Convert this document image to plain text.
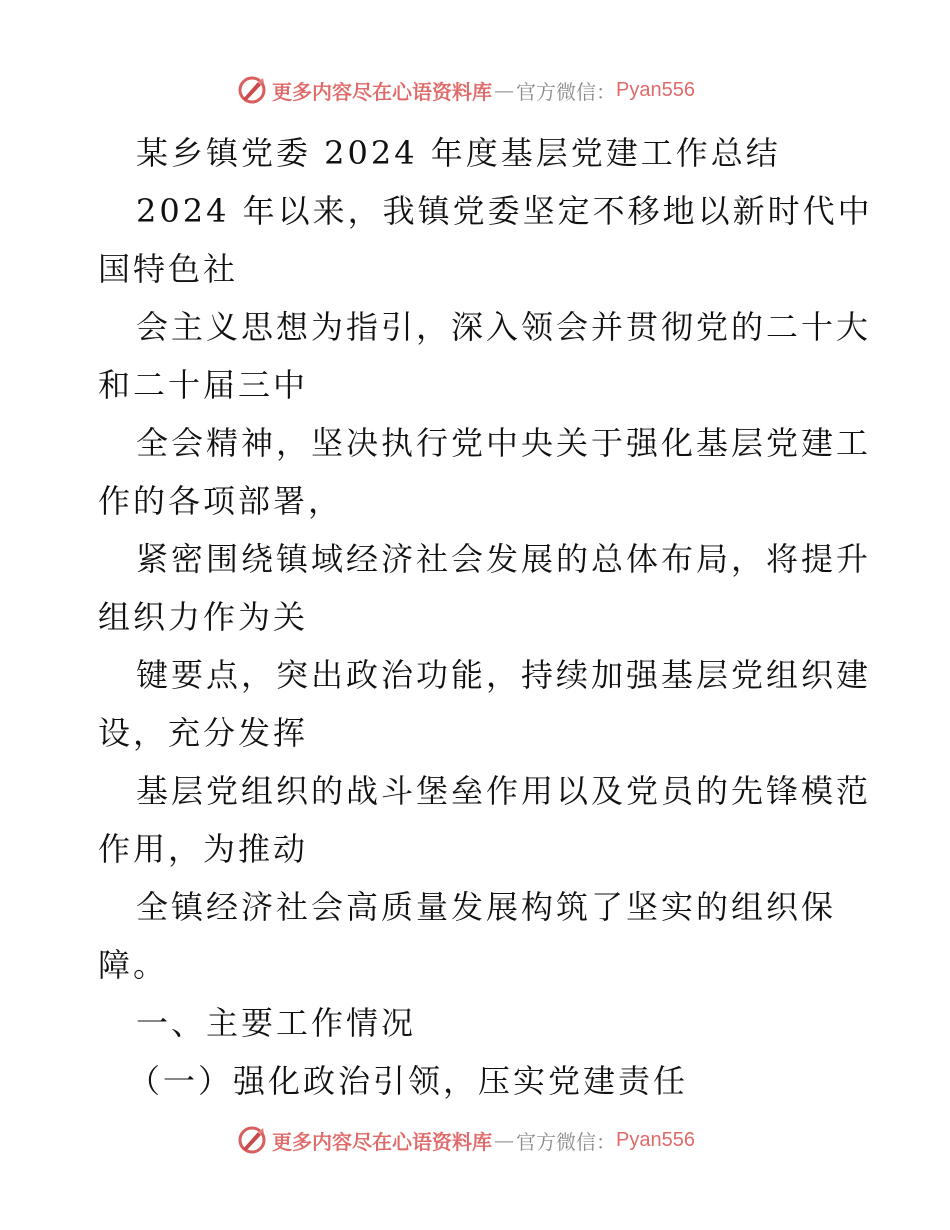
更多内容尽在心语资料库 — 官方微信： Pyan556
某乡镇党委 2024 年度基层党建工作总结
2024 年以来，我镇党委坚定不移地以新时代中
国特色社
会主义思想为指引，深入领会并贯彻党的二十大
和二十届三中
全会精神，坚决执行党中央关于强化基层党建工
作的各项部署，
紧密围绕镇域经济社会发展的总体布局，将提升
组织力作为关
键要点，突出政治功能，持续加强基层党组织建
设，充分发挥
基层党组织的战斗堡垒作用以及党员的先锋模范
作用，为推动
全镇经济社会高质量发展构筑了坚实的组织保
障。
一、主要工作情况
（一）强化政治引领，压实党建责任
更多内容尽在心语资料库 — 官方微信： Pyan556
